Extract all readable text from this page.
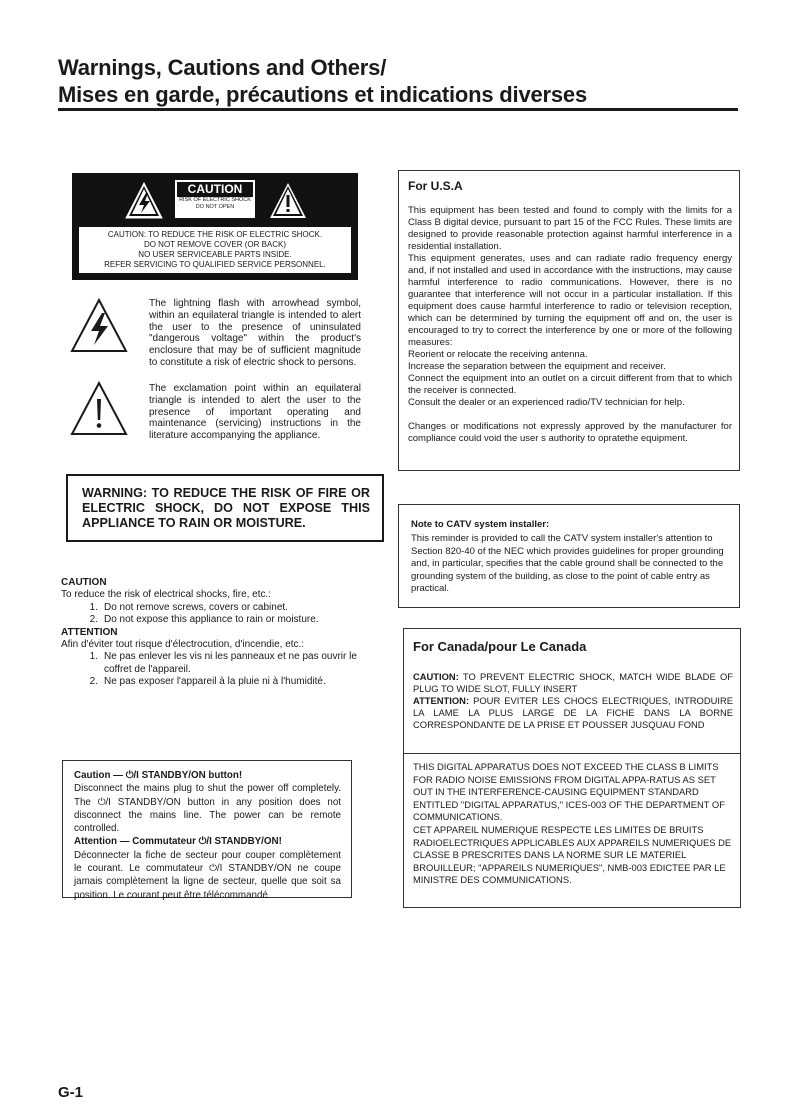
Warnings, Cautions and Others/
Mises en garde, précautions et indications diverses
CAUTION
RISK OF ELECTRIC SHOCK
DO NOT OPEN
CAUTION: TO REDUCE THE RISK OF ELECTRIC SHOCK.
DO NOT REMOVE COVER (OR BACK)
NO USER SERVICEABLE PARTS INSIDE.
REFER SERVICING TO QUALIFIED SERVICE PERSONNEL.
The lightning flash with arrowhead symbol, within an equilateral triangle is intended to alert the user to the presence of uninsulated "dangerous voltage" within the product's enclosure that may be of sufficient magnitude to constitute a risk of electric shock to persons.
The exclamation point within an equilateral triangle is intended to alert the user to the presence of important operating and maintenance (servicing) instructions in the literature accompanying the appliance.
WARNING: TO REDUCE THE RISK OF FIRE OR ELECTRIC SHOCK, DO NOT EXPOSE THIS APPLIANCE TO RAIN OR MOISTURE.
CAUTION
To reduce the risk of electrical shocks, fire, etc.:
1. Do not remove screws, covers or cabinet.
2. Do not expose this appliance to rain or moisture.
ATTENTION
Afin d'éviter tout risque d'électrocution, d'incendie, etc.:
1. Ne pas enlever les vis ni les panneaux et ne pas ouvrir le coffret de l'appareil.
2. Ne pas exposer l'appareil à la pluie ni à l'humidité.
Caution — ⏻/I STANDBY/ON button!
Disconnect the mains plug to shut the power off completely. The ⏻/I STANDBY/ON button in any position does not disconnect the mains line. The power can be remote controlled.
Attention — Commutateur ⏻/I STANDBY/ON!
Déconnecter la fiche de secteur pour couper complètement le courant. Le commutateur ⏻/I STANDBY/ON ne coupe jamais complètement la ligne de secteur, quelle que soit sa position. Le courant peut être télécommandé.
For U.S.A

This equipment has been tested and found to comply with the limits for a Class B digital device, pursuant to part 15 of the FCC Rules. These limits are designed to provide reasonable protection against harmful interference in a residential installation.

This equipment generates, uses and can radiate radio frequency energy and, if not installed and used in accordance with the instructions, may cause harmful interference to radio communications. However, there is no guarantee that interference will not occur in a particular installation. If this equipment does cause harmful interference to radio or television reception, which can be determined by turning the equipment off and on, the user is encouraged to try to correct the interference by one or more of the following measures:

Reorient or relocate the receiving antenna.

Increase the separation between the equipment and receiver.

Connect the equipment into an outlet on a circuit different from that to which the receiver is connected.

Consult the dealer or an experienced radio/TV technician for help.

Changes or modifications not expressly approved by the manufacturer for compliance could void the user s authority to opratethe equipment.

Note to CATV system installer:
This reminder is provided to call the CATV system installer's attention to Section 820-40 of the NEC which provides guidelines for proper grounding and, in particular, specifies that the cable ground shall be connected to the grounding system of the building, as close to the point of cable entry as practical.
For Canada/pour Le Canada
CAUTION: TO PREVENT ELECTRIC SHOCK, MATCH WIDE BLADE OF PLUG TO WIDE SLOT, FULLY INSERT
ATTENTION: POUR EVITER LES CHOCS ELECTRIQUES, INTRODUIRE LA LAME LA PLUS LARGE DE LA FICHE DANS LA BORNE CORRESPONDANTE DE LA PRISE ET POUSSER JUSQUAU FOND
THIS DIGITAL APPARATUS DOES NOT EXCEED THE CLASS B LIMITS FOR RADIO NOISE EMISSIONS FROM DIGITAL APPA-RATUS AS SET OUT IN THE INTERFERENCE-CAUSING EQUIPMENT STANDARD ENTITLED "DIGITAL APPARATUS," ICES-003 OF THE DEPARTMENT OF COMMUNICATIONS.
CET APPAREIL NUMERIQUE RESPECTE LES LIMITES DE BRUITS RADIOELECTRIQUES APPLICABLES AUX APPAREILS NUMERIQUES DE CLASSE B PRESCRITES DANS LA NORME SUR LE MATERIEL BROUILLEUR; "APPAREILS NUMERIQUES", NMB-003 EDICTEE PAR LE MINISTRE DES COMMUNICATIONS.
G-1
